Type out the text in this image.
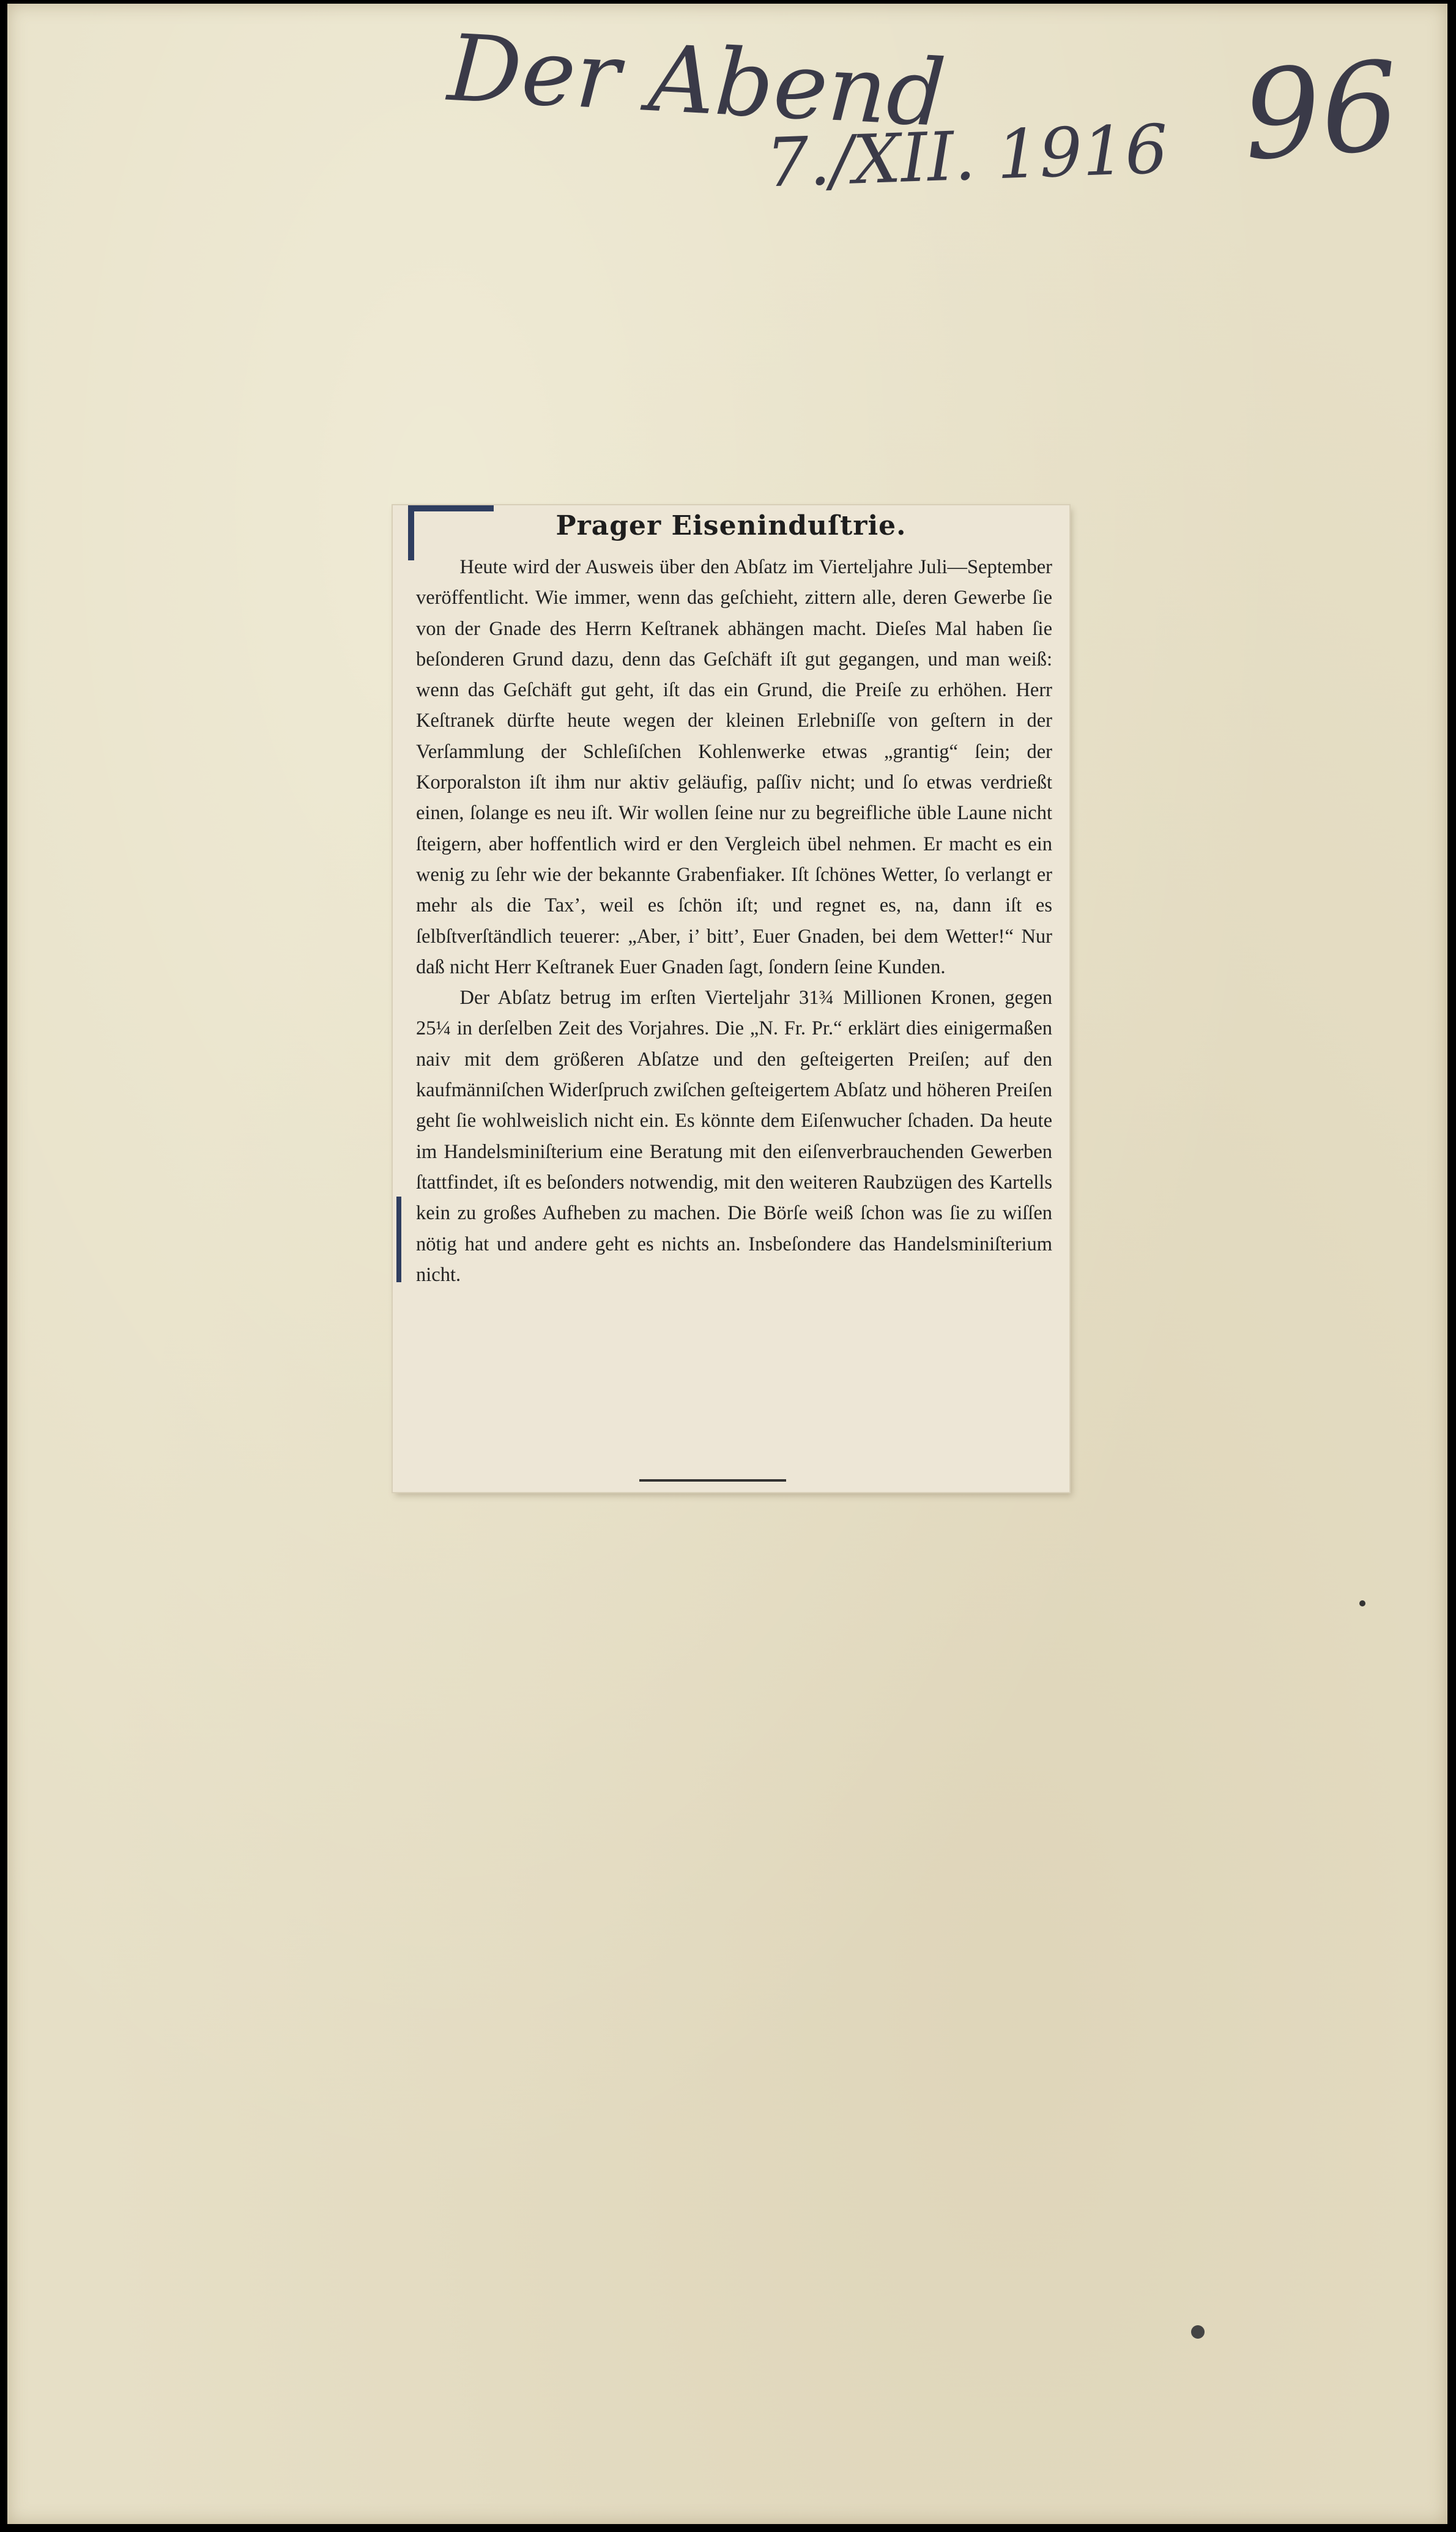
Der Abend
7./XII. 1916 96
Prager Eiseninduſtrie.

Heute wird der Ausweis über den Abſatz im Vierteljahre Juli—September veröffentlicht. Wie immer, wenn das geſchieht, zittern alle, deren Gewerbe ſie von der Gnade des Herrn Keſtranek abhängen macht. Dieſes Mal haben ſie beſonderen Grund dazu, denn das Geſchäft iſt gut gegangen, und man weiß: wenn das Geſchäft gut geht, iſt das ein Grund, die Preiſe zu erhöhen. Herr Keſtranek dürfte heute wegen der kleinen Erlebniſſe von geſtern in der Verſammlung der Schleſiſchen Kohlenwerke etwas „grantig“ ſein; der Korporalston iſt ihm nur aktiv geläufig, paſſiv nicht; und ſo etwas verdrießt einen, ſolange es neu iſt. Wir wollen ſeine nur zu begreifliche üble Laune nicht ſteigern, aber hoffentlich wird er den Vergleich übel nehmen. Er macht es ein wenig zu ſehr wie der bekannte Grabenfiaker. Iſt ſchönes Wetter, ſo verlangt er mehr als die Tax’, weil es ſchön iſt; und regnet es, na, dann iſt es ſelbſtverſtändlich teuerer: „Aber, i’ bitt’, Euer Gnaden, bei dem Wetter!“ Nur daß nicht Herr Keſtranek Euer Gnaden ſagt, ſondern ſeine Kunden.

Der Abſatz betrug im erſten Vierteljahr 31¾ Millionen Kronen, gegen 25¼ in derſelben Zeit des Vorjahres. Die „N. Fr. Pr.“ erklärt dies einigermaßen naiv mit dem größeren Abſatze und den geſteigerten Preiſen; auf den kaufmänniſchen Widerſpruch zwiſchen geſteigertem Abſatz und höheren Preiſen geht ſie wohlweislich nicht ein. Es könnte dem Eiſenwucher ſchaden. Da heute im Handelsminiſterium eine Beratung mit den eiſenverbrauchenden Gewerben ſtattfindet, iſt es beſonders notwendig, mit den weiteren Raubzügen des Kartells kein zu großes Aufheben zu machen. Die Börſe weiß ſchon was ſie zu wiſſen nötig hat und andere geht es nichts an. Insbeſondere das Handelsminiſterium nicht.
